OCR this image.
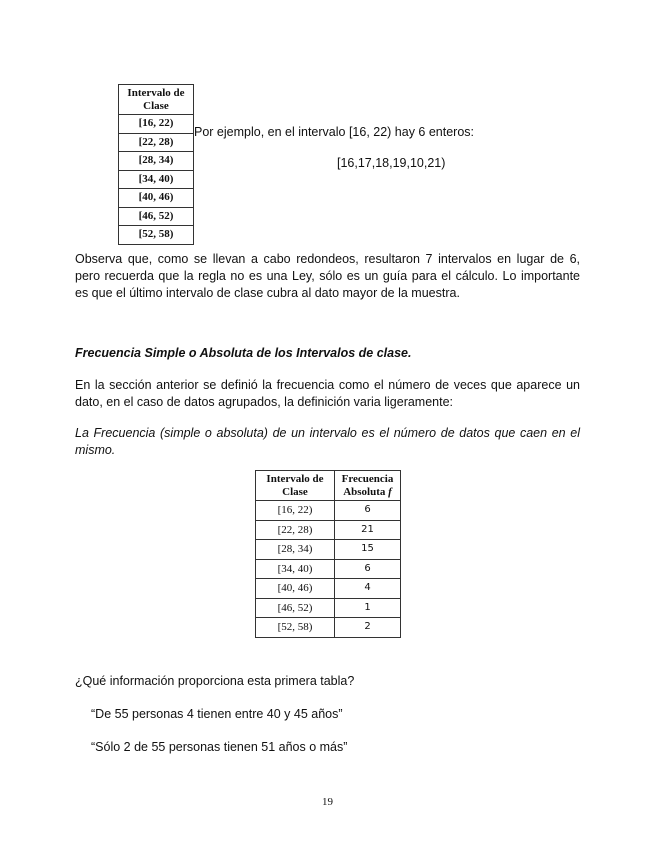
Intervalo de Clase
[16, 22)
[22, 28)
[28, 34)
[34, 40)
[40, 46)
[46, 52)
[52, 58)
Por ejemplo, en el intervalo [16, 22) hay 6 enteros:
[16,17,18,19,10,21)
Observa que, como se llevan a cabo redondeos, resultaron 7 intervalos en lugar de 6,
pero recuerda que la regla no es una Ley, sólo es un guía para el cálculo. Lo importante
es que el último intervalo de clase cubra al dato mayor de la muestra.
Frecuencia Simple o Absoluta de los Intervalos de clase.
En la sección anterior se definió la frecuencia como el número de veces que aparece un
dato, en el caso de datos agrupados, la definición varia ligeramente:
La Frecuencia (simple o absoluta) de un intervalo es el número de datos que caen en el
mismo.
Intervalo de Clase	Frecuencia Absoluta f
[16, 22)	6
[22, 28)	21
[28, 34)	15
[34, 40)	6
[40, 46)	4
[46, 52)	1
[52, 58)	2
¿Qué información proporciona esta primera tabla?
“De 55 personas 4 tienen entre 40 y 45 años”
“Sólo 2 de 55 personas tienen 51 años o más”
19
